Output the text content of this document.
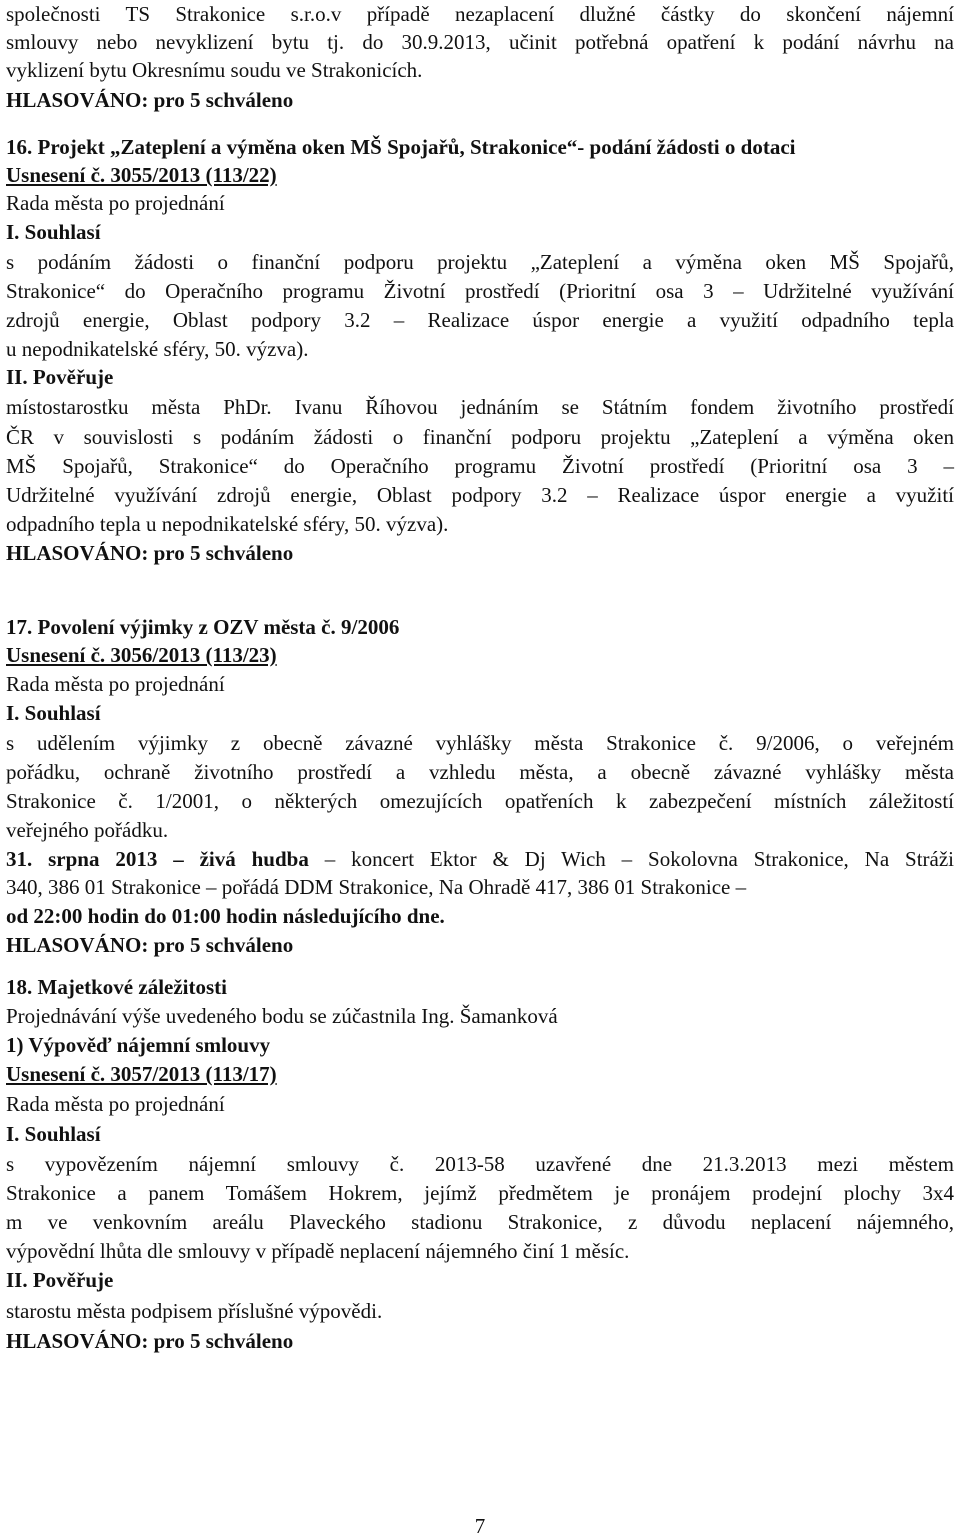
společnosti TS Strakonice s.r.o.v případě nezaplacení dlužné částky do skončení nájemní
smlouvy nebo nevyklizení bytu tj. do 30.9.2013, učinit potřebná opatření k podání návrhu na
vyklizení bytu Okresnímu soudu ve Strakonicích.
HLASOVÁNO: pro 5 schváleno
16. Projekt „Zateplení a výměna oken MŠ Spojařů, Strakonice“- podání žádosti o dotaci
Usnesení č. 3055/2013 (113/22)
Rada města po projednání
I. Souhlasí
s podáním žádosti o finanční podporu projektu „Zateplení a výměna oken MŠ Spojařů,
Strakonice“ do Operačního programu Životní prostředí (Prioritní osa 3 – Udržitelné využívání
zdrojů energie, Oblast podpory 3.2 – Realizace úspor energie a využití odpadního tepla
u nepodnikatelské sféry, 50. výzva).
II. Pověřuje
místostarostku města PhDr. Ivanu Říhovou jednáním se Státním fondem životního prostředí
ČR v souvislosti s podáním žádosti o finanční podporu projektu „Zateplení a výměna oken
MŠ Spojařů, Strakonice“ do Operačního programu Životní prostředí (Prioritní osa 3 –
Udržitelné využívání zdrojů energie, Oblast podpory 3.2 – Realizace úspor energie a využití
odpadního tepla u nepodnikatelské sféry, 50. výzva).
HLASOVÁNO: pro 5 schváleno
17. Povolení výjimky z OZV města č. 9/2006
Usnesení č. 3056/2013 (113/23)
Rada města po projednání
I. Souhlasí
s udělením výjimky z obecně závazné vyhlášky města Strakonice č. 9/2006, o veřejném
pořádku, ochraně životního prostředí a vzhledu města, a obecně závazné vyhlášky města
Strakonice č. 1/2001, o některých omezujících opatřeních k zabezpečení místních záležitostí
veřejného pořádku.
31. srpna 2013 – živá hudba – koncert Ektor & Dj Wich – Sokolovna Strakonice, Na Stráži
340, 386 01 Strakonice – pořádá DDM Strakonice, Na Ohradě 417, 386 01 Strakonice –
od 22:00 hodin do 01:00 hodin následujícího dne.
HLASOVÁNO: pro 5 schváleno
18. Majetkové záležitosti
Projednávání výše uvedeného bodu se zúčastnila Ing. Šamanková
1) Výpověď nájemní smlouvy
Usnesení č. 3057/2013 (113/17)
Rada města po projednání
I. Souhlasí
s vypovězením nájemní smlouvy č. 2013-58 uzavřené dne 21.3.2013 mezi městem
Strakonice a panem Tomášem Hokrem, jejímž předmětem je pronájem prodejní plochy 3x4
m ve venkovním areálu Plaveckého stadionu Strakonice, z důvodu neplacení nájemného,
výpovědní lhůta dle smlouvy v případě neplacení nájemného činí 1 měsíc.
II. Pověřuje
starostu města podpisem příslušné výpovědi.
HLASOVÁNO: pro 5 schváleno
7
